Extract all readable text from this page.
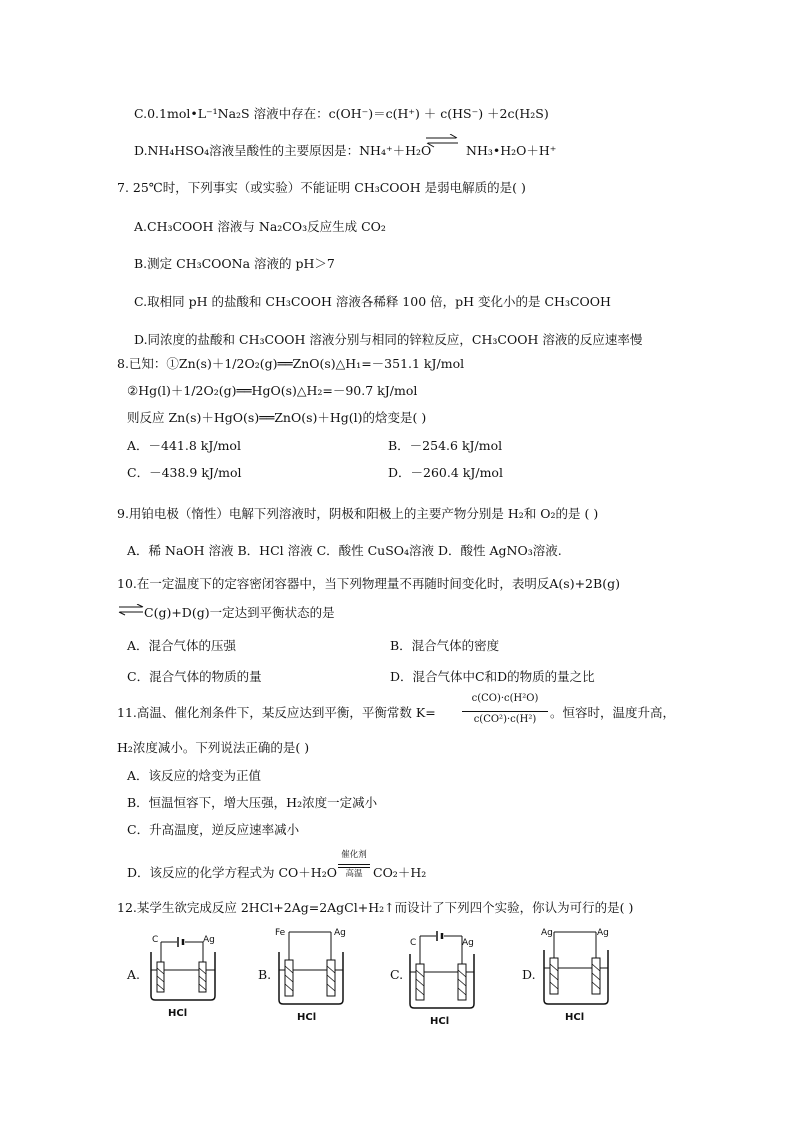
C.0.1mol•L⁻¹Na₂S 溶液中存在：c(OH⁻)＝c(H⁺) ＋ c(HS⁻) ＋2c(H₂S)
D.NH₄HSO₄溶液呈酸性的主要原因是：NH₄⁺＋H₂O	NH₃•H₂O＋H⁺
7. 25℃时，下列事实（或实验）不能证明 CH₃COOH 是弱电解质的是( )
A.CH₃COOH 溶液与 Na₂CO₃反应生成 CO₂
B.测定 CH₃COONa 溶液的 pH＞7
C.取相同 pH 的盐酸和 CH₃COOH 溶液各稀释 100 倍，pH 变化小的是 CH₃COOH
D.同浓度的盐酸和 CH₃COOH 溶液分别与相同的锌粒反应，CH₃COOH 溶液的反应速率慢
8.已知：①Zn(s)＋1/2O₂(g)══ZnO(s)△H₁=－351.1 kJ/mol
②Hg(l)＋1/2O₂(g)══HgO(s)△H₂=－90.7 kJ/mol
则反应 Zn(s)＋HgO(s)══ZnO(s)＋Hg(l)的焓变是( )
A．－441.8 kJ/mol	B．－254.6 kJ/mol
C．－438.9 kJ/mol	D．－260.4 kJ/mol
9.用铂电极（惰性）电解下列溶液时，阴极和阳极上的主要产物分别是 H₂和 O₂的是 ( )
A．稀 NaOH 溶液 B．HCl 溶液 C．酸性 CuSO₄溶液 D．酸性 AgNO₃溶液.
10.在一定温度下的定容密闭容器中，当下列物理量不再随时间变化时，表明反A(s)+2B(g)
⇌ C(g)+D(g)一定达到平衡状态的是
A．混合气体的压强	B．混合气体的密度
C．混合气体的物质的量	D．混合气体中C和D的物质的量之比
11.高温、催化剂条件下，某反应达到平衡，平衡常数 K=
c(CO)·c(H²O)
c(CO²)·c(H²)	。恒容时，温度升高，
H₂浓度减小。下列说法正确的是( )
A．该反应的焓变为正值
B．恒温恒容下，增大压强，H₂浓度一定减小
C．升高温度，逆反应速率减小
D．该反应的化学方程式为 CO＋H₂O
催化剂
高温 CO₂＋H₂
12.某学生欲完成反应 2HCl+2Ag=2AgCl+H₂↑而设计了下列四个实验，你认为可行的是( )
A.
C	Ag
HCl
B.
Fe	Ag
HCl
C.
C	Ag
HCl
D.
Ag	Ag
HCl
